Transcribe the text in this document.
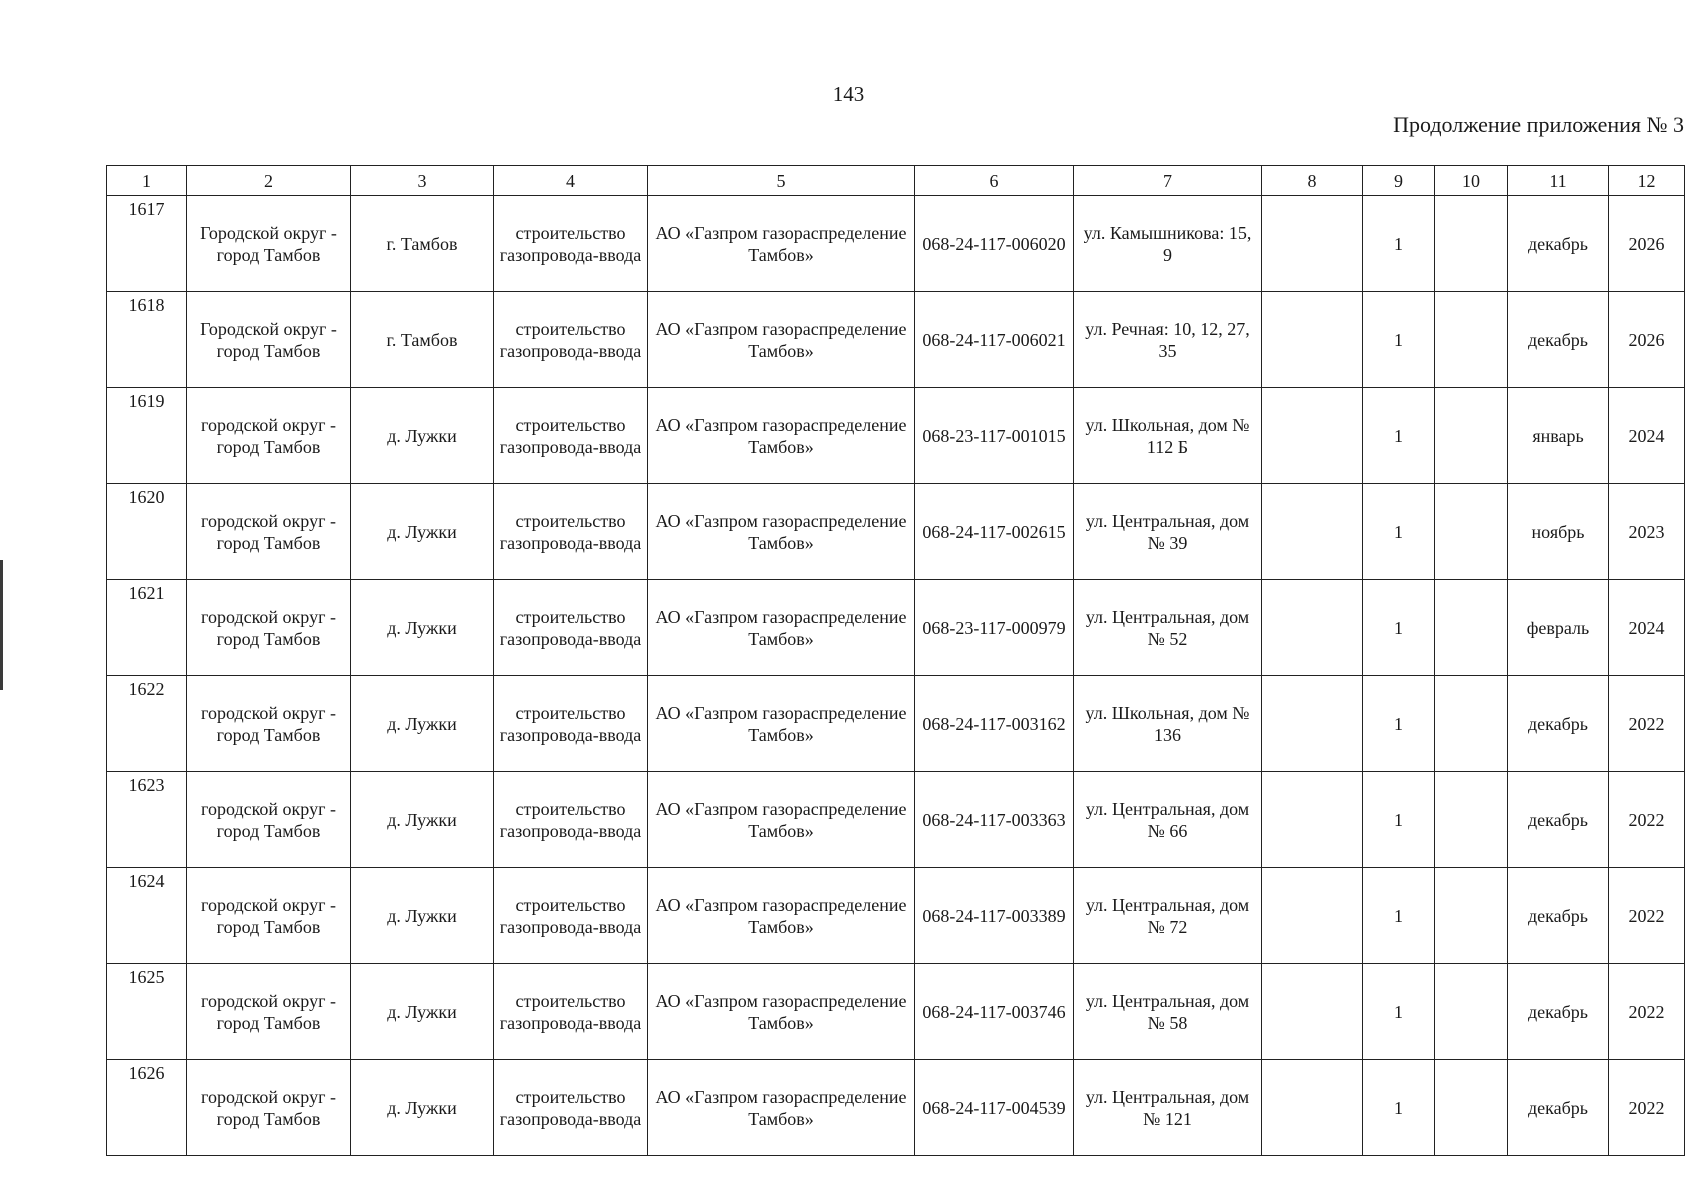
143
Продолжение приложения № 3
1	2	3	4	5	6	7	8	9	10	11	12
1617	Городской округ - город Тамбов	г. Тамбов	строительство газопровода-ввода	АО «Газпром газораспределение Тамбов»	068-24-117-006020	ул. Камышникова: 15, 9		1		декабрь	2026
1618	Городской округ - город Тамбов	г. Тамбов	строительство газопровода-ввода	АО «Газпром газораспределение Тамбов»	068-24-117-006021	ул. Речная: 10, 12, 27, 35		1		декабрь	2026
1619	городской округ - город Тамбов	д. Лужки	строительство газопровода-ввода	АО «Газпром газораспределение Тамбов»	068-23-117-001015	ул. Школьная, дом № 112 Б		1		январь	2024
1620	городской округ - город Тамбов	д. Лужки	строительство газопровода-ввода	АО «Газпром газораспределение Тамбов»	068-24-117-002615	ул. Центральная, дом № 39		1		ноябрь	2023
1621	городской округ - город Тамбов	д. Лужки	строительство газопровода-ввода	АО «Газпром газораспределение Тамбов»	068-23-117-000979	ул. Центральная, дом № 52		1		февраль	2024
1622	городской округ - город Тамбов	д. Лужки	строительство газопровода-ввода	АО «Газпром газораспределение Тамбов»	068-24-117-003162	ул. Школьная, дом № 136		1		декабрь	2022
1623	городской округ - город Тамбов	д. Лужки	строительство газопровода-ввода	АО «Газпром газораспределение Тамбов»	068-24-117-003363	ул. Центральная, дом № 66		1		декабрь	2022
1624	городской округ - город Тамбов	д. Лужки	строительство газопровода-ввода	АО «Газпром газораспределение Тамбов»	068-24-117-003389	ул. Центральная, дом № 72		1		декабрь	2022
1625	городской округ - город Тамбов	д. Лужки	строительство газопровода-ввода	АО «Газпром газораспределение Тамбов»	068-24-117-003746	ул. Центральная, дом № 58		1		декабрь	2022
1626	городской округ - город Тамбов	д. Лужки	строительство газопровода-ввода	АО «Газпром газораспределение Тамбов»	068-24-117-004539	ул. Центральная, дом № 121		1		декабрь	2022
